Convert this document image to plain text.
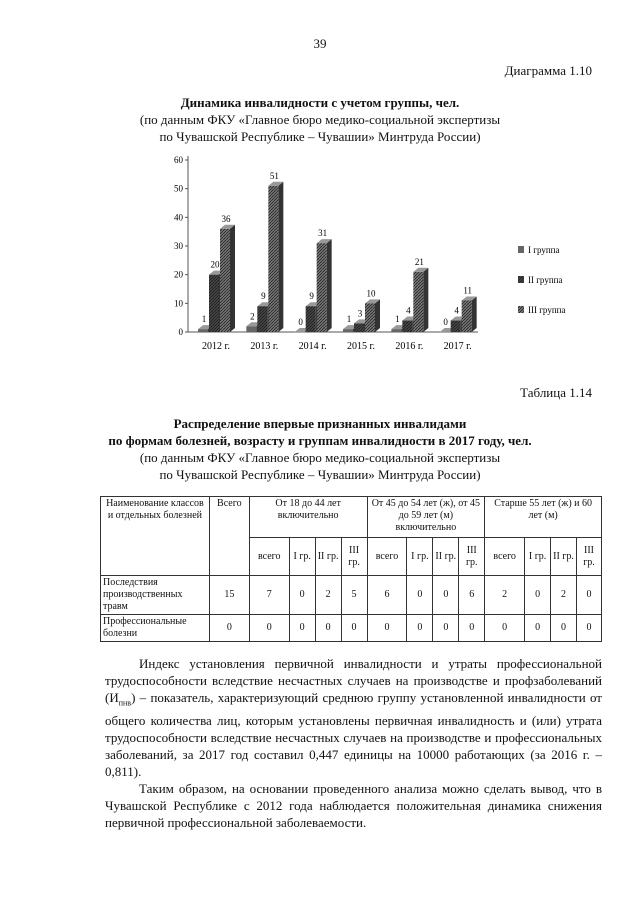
39
Диаграмма 1.10
Динамика инвалидности с учетом группы, чел.
(по данным ФКУ «Главное бюро медико-социальной экспертизы
по Чувашской Республике – Чувашии» Минтруда России)
0
10
20
30
40
50
60
1
20
36
2012 г.
2
9
51
2013 г.
0
9
31
2014 г.
1
3
10
2015 г.
1
4
21
2016 г.
0
4
11
2017 г.
I группа
II группа
III группа
Таблица 1.14
Распределение впервые признанных инвалидами
по формам болезней, возрасту и группам инвалидности в 2017 году, чел.
(по данным ФКУ «Главное бюро медико-социальной экспертизы
по Чувашской Республике – Чувашии» Минтруда России)
Наименование классов и отдельных болезней	Всего	От 18 до 44 лет включительно				От 45 до 54 лет (ж), от 45 до 59 лет (м) включительно				Старше 55 лет (ж) и 60 лет (м)			
		всего	I гр.	II гр.	III гр.	всего	I гр.	II гр.	III гр.	всего	I гр.	II гр.	III гр.
Последствия производственных травм	15	7	0	2	5	6	0	0	6	2	0	2	0
Профессиональные болезни	0	0	0	0	0	0	0	0	0	0	0	0	0

Индекс установления первичной инвалидности и утраты профессиональной трудоспособности вследствие несчастных случаев на производстве и профзаболеваний $(И_{пнв})$ – показатель, характеризующий среднюю группу установленной инвалидности от общего количества лиц, которым установлены первичная инвалидность и (или) утрата трудоспособности вследствие несчастных случаев на производстве и профессиональных заболеваний, за 2017 год составил 0,447 единицы на 10000 работающих (за 2016 г. – 0,811).

Таким образом, на основании проведенного анализа можно сделать вывод, что в Чувашской Республике с 2012 года наблюдается положительная динамика снижения первичной профессиональной заболеваемости.
